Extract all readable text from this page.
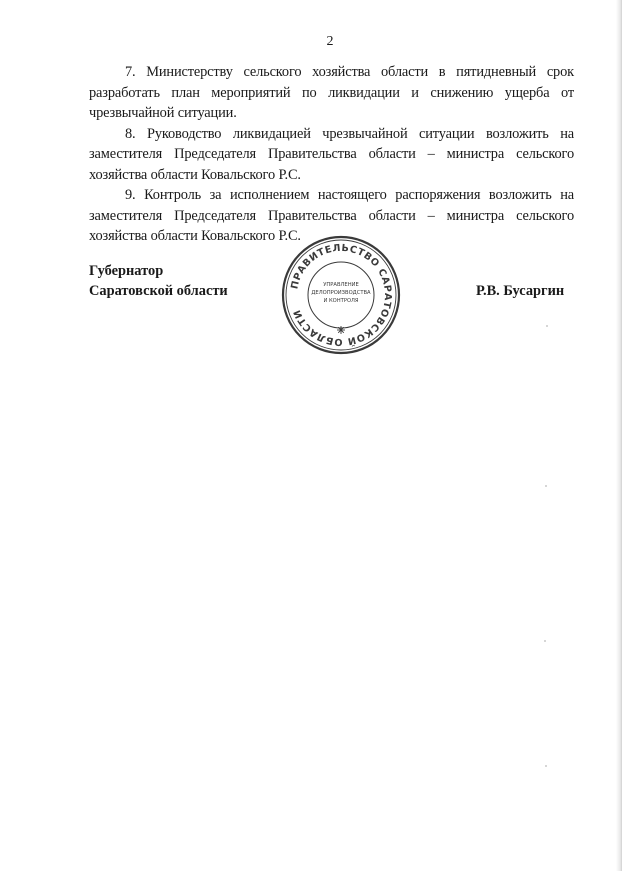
2

7. Министерству сельского хозяйства области в пятидневный срок разработать план мероприятий по ликвидации и снижению ущерба от чрезвычайной ситуации.

8. Руководство ликвидацией чрезвычайной ситуации возложить на заместителя Председателя Правительства области – министра сельского хозяйства области Ковальского Р.С.

9. Контроль за исполнением настоящего распоряжения возложить на заместителя Председателя Правительства области – министра сельского хозяйства области Ковальского Р.С.

Губернатор
Саратовской области	Р.В. Бусаргин
ПРАВИТЕЛЬСТВО САРАТОВСКОЙ ОБЛАСТИ
УПРАВЛЕНИЕ
ДЕЛОПРОИЗВОДСТВА
И КОНТРОЛЯ
